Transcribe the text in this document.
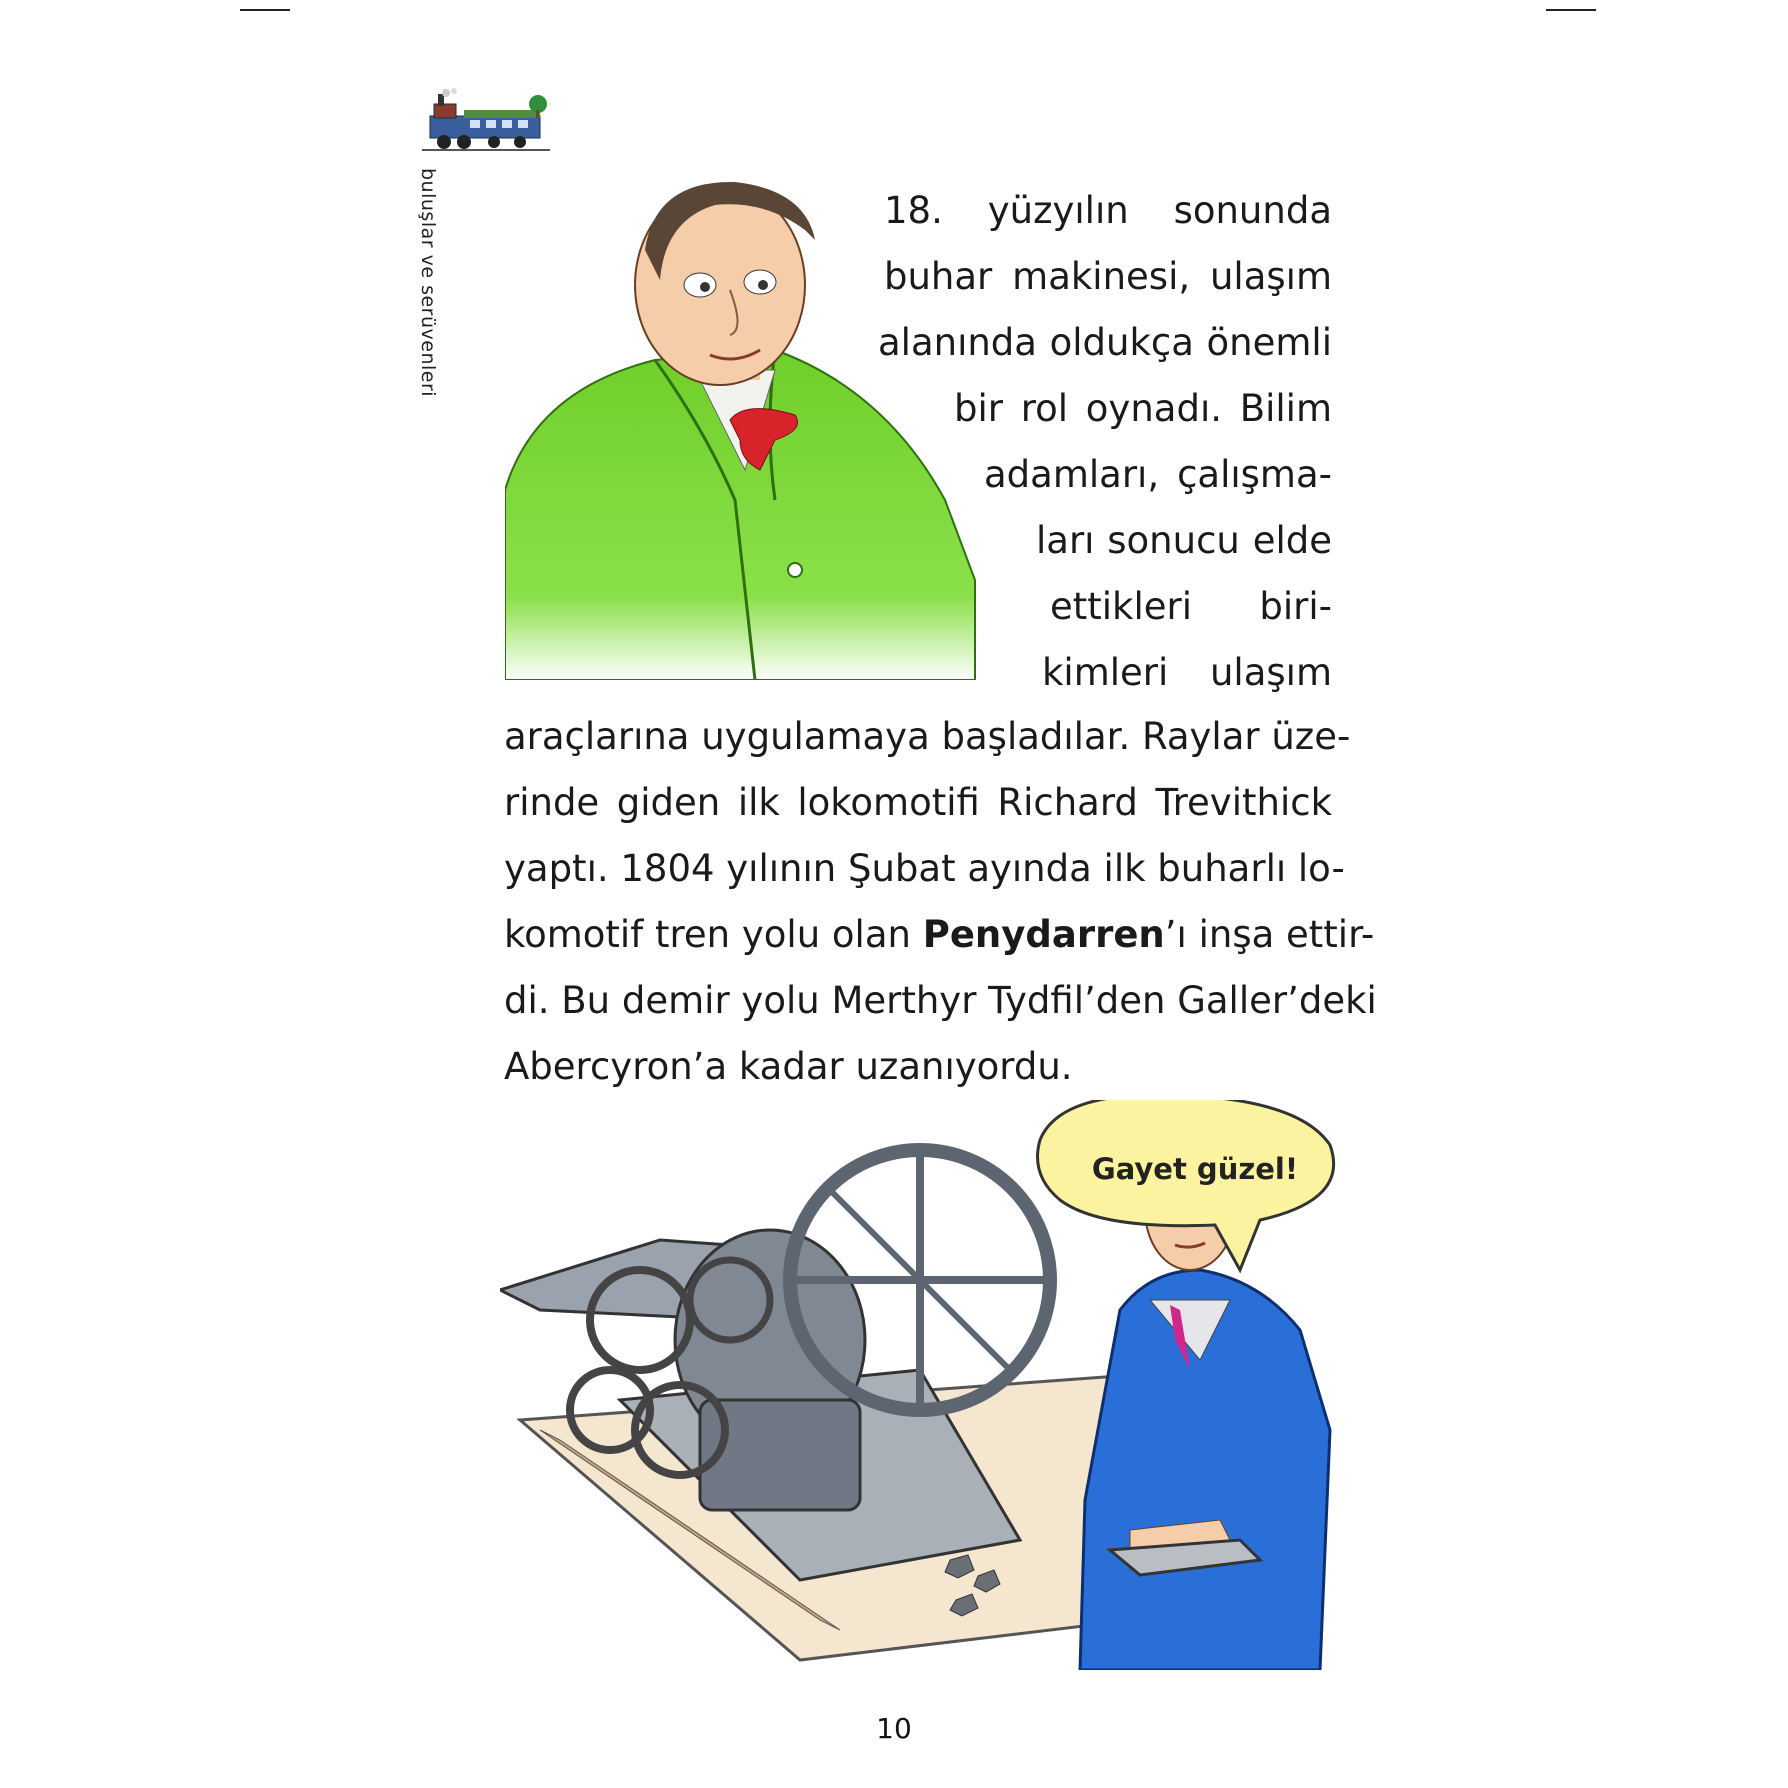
buluşlar ve serüvenleri	18. yüzyılın sonunda
buhar makinesi, ulaşım
alanında oldukça önemli
bir rol oynadı. Bilim
adamları, çalışma-
ları sonucu elde
ettikleri biri-
kimleri ulaşım
araçlarına uygulamaya başladılar. Raylar üze-
rinde giden ilk lokomotifi Richard Trevithick
yaptı. 1804 yılının Şubat ayında ilk buharlı lo-
komotif tren yolu olan Penydarren’ı inşa ettir-
di. Bu demir yolu Merthyr Tydfil’den Galler’deki
Abercyron’a kadar uzanıyordu.
Gayet güzel!
10
